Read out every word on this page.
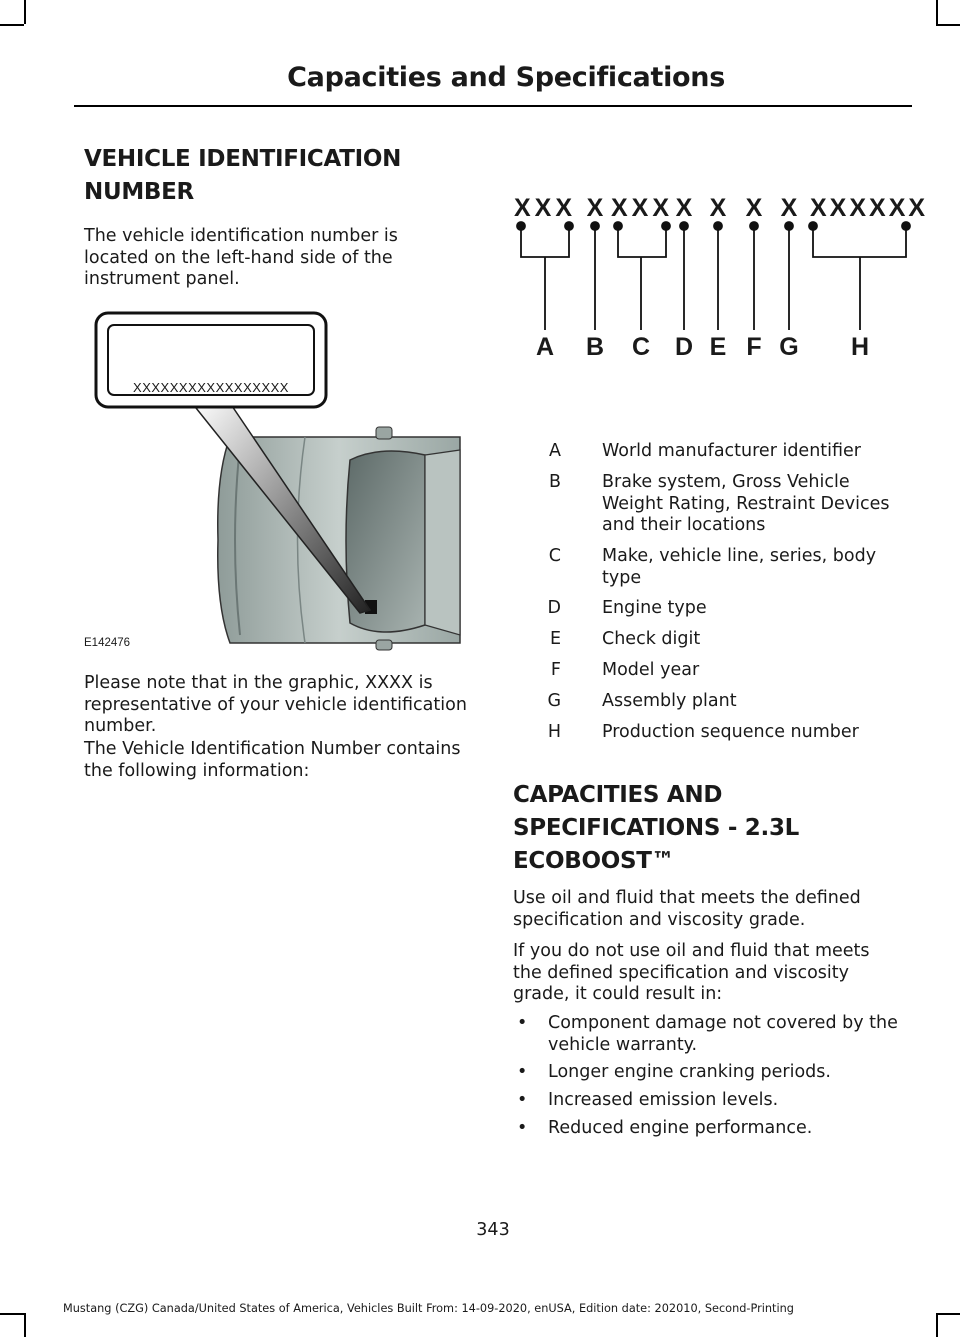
Capacities and Specifications
VEHICLE IDENTIFICATION
NUMBER

The vehicle identification number is located on the left-hand side of the instrument panel.

XXXXXXXXXXXXXXXXX
E142476

Please note that in the graphic, XXXX is representative of your vehicle identification number.

The Vehicle Identification Number contains the following information:

XXX X XXX X X X X XXXXXX
A B C D E F G H
A World manufacturer identifier
B Brake system, Gross Vehicle Weight Rating, Restraint Devices and their locations
C Make, vehicle line, series, body type
D Engine type
E Check digit
F Model year
G Assembly plant
H Production sequence number
CAPACITIES AND
SPECIFICATIONS - 2.3L
ECOBOOST™

Use oil and fluid that meets the defined specification and viscosity grade.

If you do not use oil and fluid that meets the defined specification and viscosity grade, it could result in:

• Component damage not covered by the vehicle warranty.
• Longer engine cranking periods.
• Increased emission levels.
• Reduced engine performance.
343
Mustang (CZG) Canada/United States of America, Vehicles Built From: 14-09-2020, enUSA, Edition date: 202010, Second-Printing
